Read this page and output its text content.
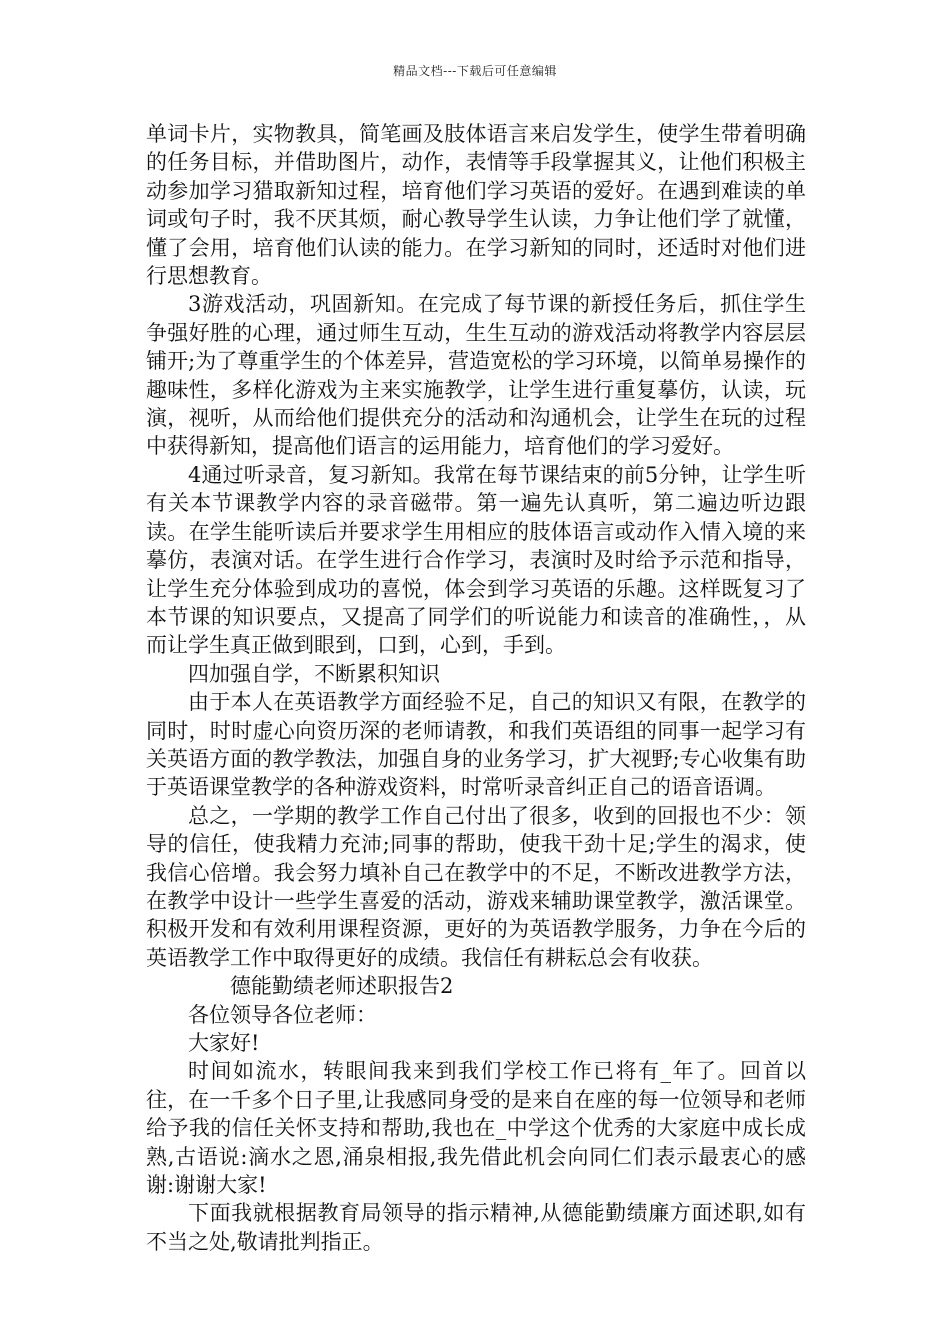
精品文档---下载后可任意编辑

单词卡片，实物教具，简笔画及肢体语言来启发学生，使学生带着明确的任务目标，并借助图片，动作，表情等手段掌握其义，让他们积极主动参加学习猎取新知过程，培育他们学习英语的爱好。在遇到难读的单词或句子时，我不厌其烦，耐心教导学生认读，力争让他们学了就懂，懂了会用，培育他们认读的能力。在学习新知的同时，还适时对他们进行思想教育。

3游戏活动，巩固新知。在完成了每节课的新授任务后，抓住学生争强好胜的心理，通过师生互动，生生互动的游戏活动将教学内容层层铺开;为了尊重学生的个体差异，营造宽松的学习环境，以简单易操作的趣味性，多样化游戏为主来实施教学，让学生进行重复摹仿，认读，玩演，视听，从而给他们提供充分的活动和沟通机会，让学生在玩的过程中获得新知，提高他们语言的运用能力，培育他们的学习爱好。

4通过听录音，复习新知。我常在每节课结束的前5分钟，让学生听有关本节课教学内容的录音磁带。第一遍先认真听，第二遍边听边跟读。在学生能听读后并要求学生用相应的肢体语言或动作入情入境的来摹仿，表演对话。在学生进行合作学习，表演时及时给予示范和指导，让学生充分体验到成功的喜悦，体会到学习英语的乐趣。这样既复习了本节课的知识要点，又提高了同学们的听说能力和读音的准确性，，从而让学生真正做到眼到，口到，心到，手到。

四加强自学，不断累积知识

由于本人在英语教学方面经验不足，自己的知识又有限，在教学的同时，时时虚心向资历深的老师请教，和我们英语组的同事一起学习有关英语方面的教学教法，加强自身的业务学习，扩大视野;专心收集有助于英语课堂教学的各种游戏资料，时常听录音纠正自己的语音语调。

总之，一学期的教学工作自己付出了很多，收到的回报也不少：领导的信任，使我精力充沛;同事的帮助，使我干劲十足;学生的渴求，使我信心倍增。我会努力填补自己在教学中的不足，不断改进教学方法，在教学中设计一些学生喜爱的活动，游戏来辅助课堂教学，激活课堂。积极开发和有效利用课程资源，更好的为英语教学服务，力争在今后的英语教学工作中取得更好的成绩。我信任有耕耘总会有收获。

德能勤绩老师述职报告2

各位领导各位老师：

大家好!

时间如流水，转眼间我来到我们学校工作已将有_年了。回首以往，在一千多个日子里,让我感同身受的是来自在座的每一位领导和老师给予我的信任关怀支持和帮助,我也在_中学这个优秀的大家庭中成长成熟,古语说:滴水之恩,涌泉相报,我先借此机会向同仁们表示最衷心的感谢:谢谢大家!

下面我就根据教育局领导的指示精神,从德能勤绩廉方面述职,如有不当之处,敬请批判指正。
